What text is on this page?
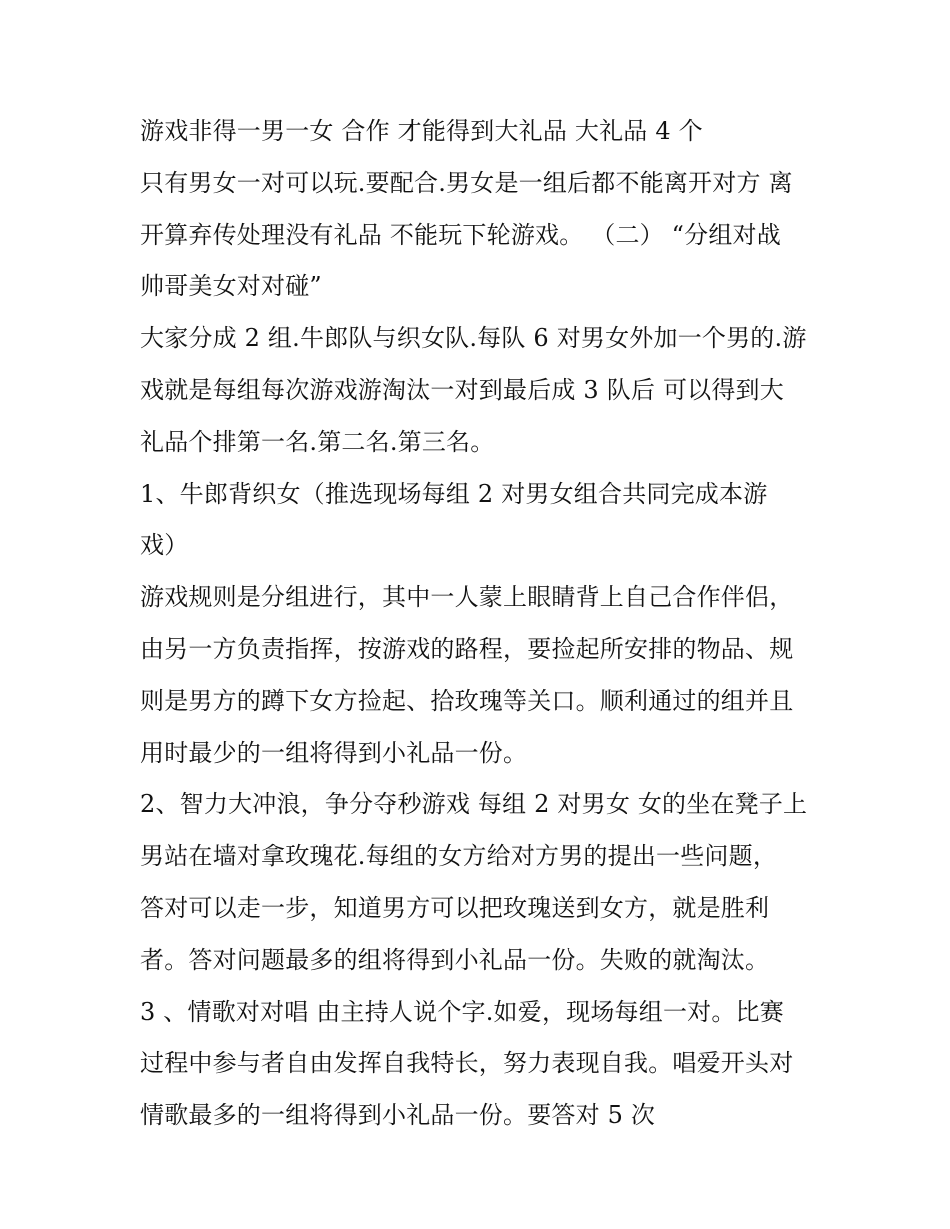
游戏非得一男一女 合作 才能得到大礼品 大礼品 4 个
只有男女一对可以玩.要配合.男女是一组后都不能离开对方 离
开算弃传处理没有礼品 不能玩下轮游戏。 （二） “分组对战
帅哥美女对对碰”
大家分成 2 组.牛郎队与织女队.每队 6 对男女外加一个男的.游
戏就是每组每次游戏游淘汰一对到最后成 3 队后 可以得到大
礼品个排第一名.第二名.第三名。
1、牛郎背织女（推选现场每组 2 对男女组合共同完成本游
戏）
游戏规则是分组进行，其中一人蒙上眼睛背上自己合作伴侣，
由另一方负责指挥，按游戏的路程，要捡起所安排的物品、规
则是男方的蹲下女方捡起、拾玫瑰等关口。顺利通过的组并且
用时最少的一组将得到小礼品一份。
2、智力大冲浪，争分夺秒游戏 每组 2 对男女 女的坐在凳子上
男站在墙对拿玫瑰花.每组的女方给对方男的提出一些问题，
答对可以走一步，知道男方可以把玫瑰送到女方，就是胜利
者。答对问题最多的组将得到小礼品一份。失败的就淘汰。
3 、情歌对对唱 由主持人说个字.如爱，现场每组一对。比赛
过程中参与者自由发挥自我特长，努力表现自我。唱爱开头对
情歌最多的一组将得到小礼品一份。要答对 5 次
